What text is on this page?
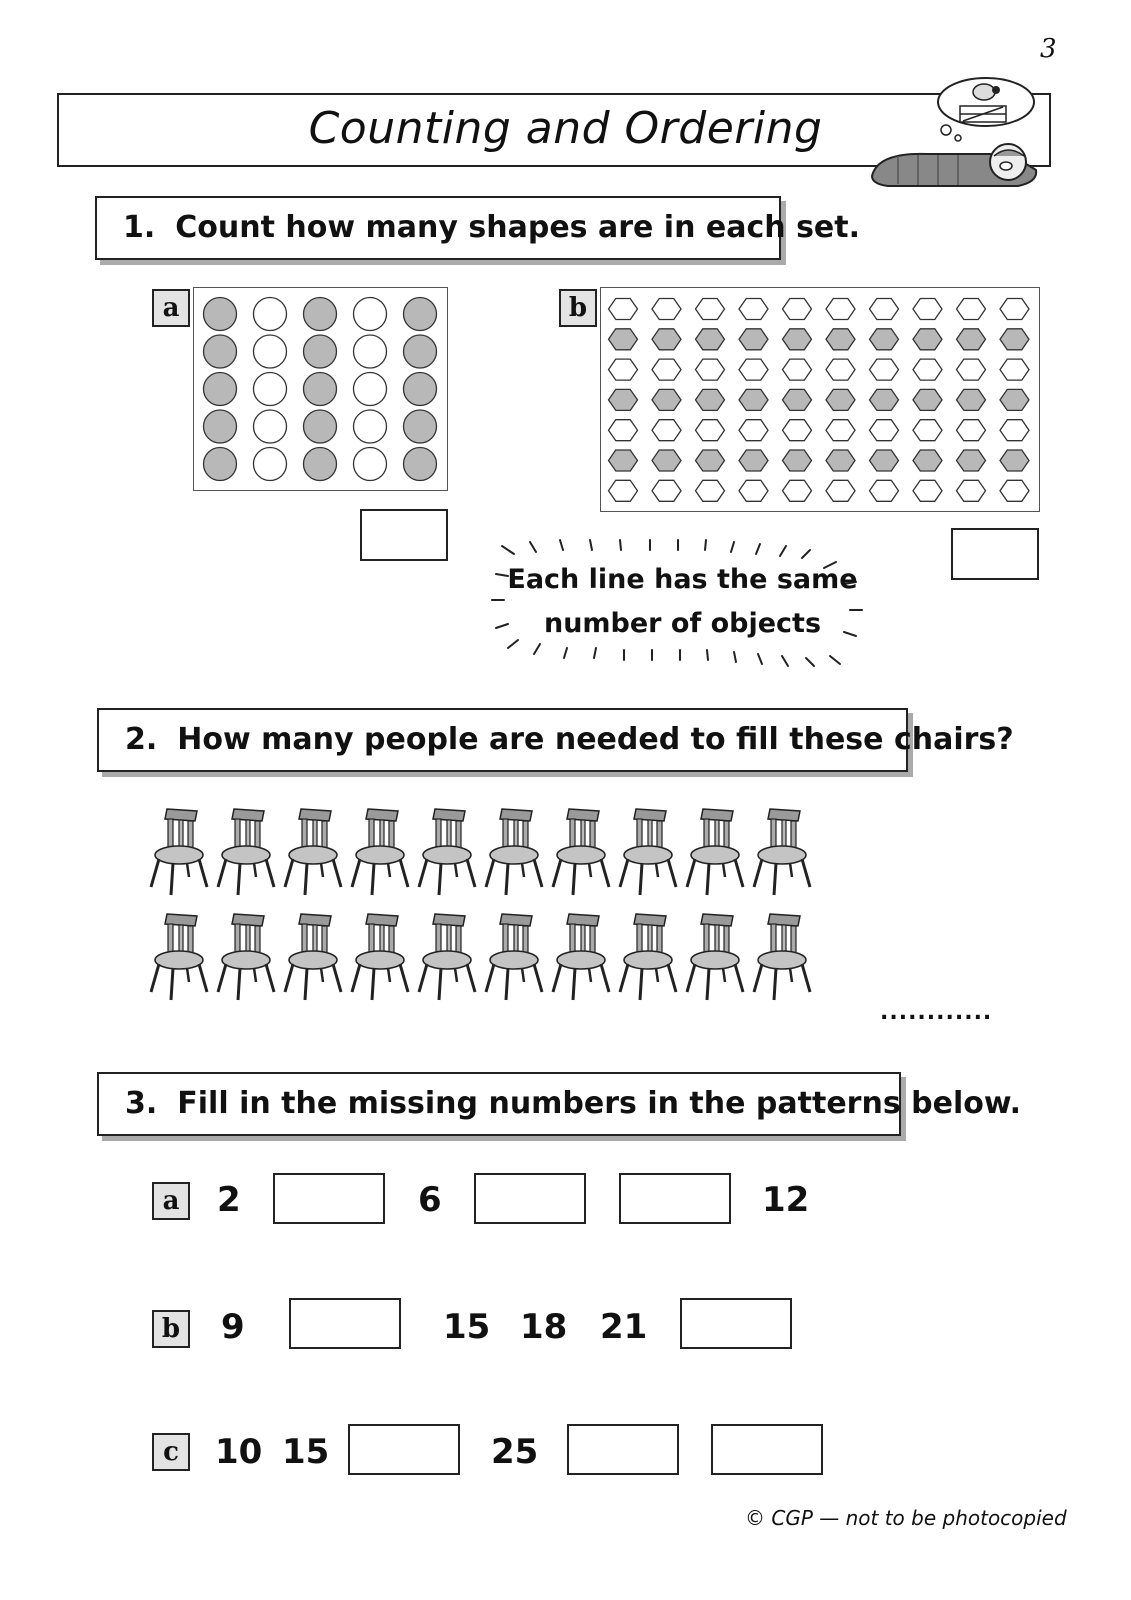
3
Counting and Ordering
1. Count how many shapes are in each set.
a	b
Each line has the same
number of objects
2. How many people are needed to fill these chairs?
............
3. Fill in the missing numbers in the patterns below.
a	2	6	12
b 9	15 18 21
c	10 15	25
© CGP — not to be photocopied
